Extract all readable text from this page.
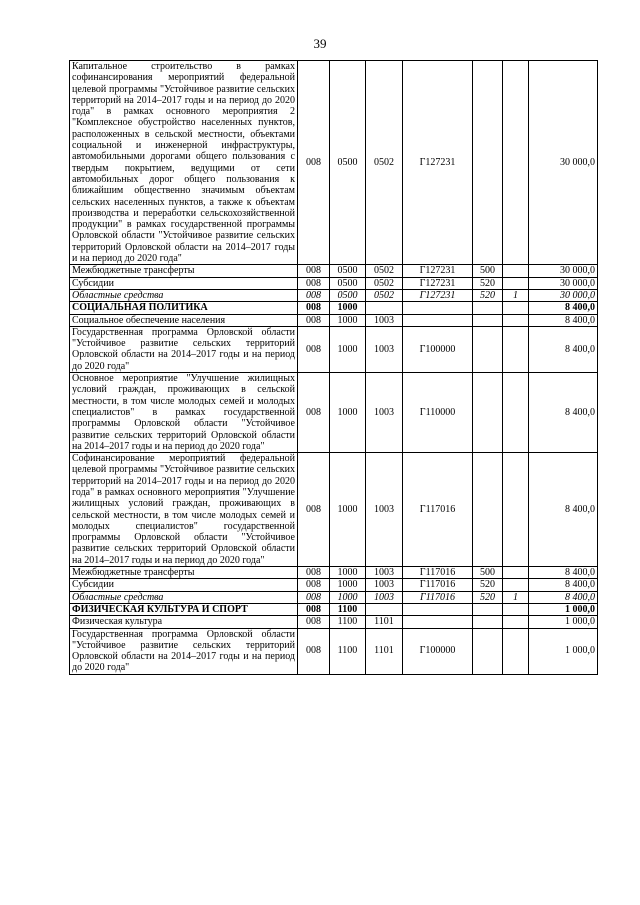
39
Капитальное строительство в рамках софинансирования мероприятий федеральной целевой программы "Устойчивое развитие сельских территорий на 2014–2017 годы и на период до 2020 года" в рамках основного мероприятия 2 "Комплексное обустройство населенных пунктов, расположенных в сельской местности, объектами социальной и инженерной инфраструктуры, автомобильными дорогами общего пользования с твердым покрытием, ведущими от сети автомобильных дорог общего пользования к ближайшим общественно значимым объектам сельских населенных пунктов, а также к объектам производства и переработки сельскохозяйственной продукции" в рамках государственной программы Орловской области "Устойчивое развитие сельских территорий Орловской области на 2014–2017 годы и на период до 2020 года"	008	0500	0502	Г127231			30 000,0
Межбюджетные трансферты	008	0500	0502	Г127231	500		30 000,0
Субсидии	008	0500	0502	Г127231	520		30 000,0
Областные средства	008	0500	0502	Г127231	520	1	30 000,0
СОЦИАЛЬНАЯ ПОЛИТИКА	008	1000					8 400,0
Социальное обеспечение населения	008	1000	1003				8 400,0
Государственная программа Орловской области "Устойчивое развитие сельских территорий Орловской области на 2014–2017 годы и на период до 2020 года"	008	1000	1003	Г100000			8 400,0
Основное мероприятие "Улучшение жилищных условий граждан, проживающих в сельской местности, в том числе молодых семей и молодых специалистов" в рамках государственной программы Орловской области "Устойчивое развитие сельских территорий Орловской области на 2014–2017 годы и на период до 2020 года"	008	1000	1003	Г110000			8 400,0
Софинансирование мероприятий федеральной целевой программы "Устойчивое развитие сельских территорий на 2014–2017 годы и на период до 2020 года" в рамках основного мероприятия "Улучшение жилищных условий граждан, проживающих в сельской местности, в том числе молодых семей и молодых специалистов" государственной программы Орловской области "Устойчивое развитие сельских территорий Орловской области на 2014–2017 годы и на период до 2020 года"	008	1000	1003	Г117016			8 400,0
Межбюджетные трансферты	008	1000	1003	Г117016	500		8 400,0
Субсидии	008	1000	1003	Г117016	520		8 400,0
Областные средства	008	1000	1003	Г117016	520	1	8 400,0
ФИЗИЧЕСКАЯ КУЛЬТУРА И СПОРТ	008	1100					1 000,0
Физическая культура	008	1100	1101				1 000,0
Государственная программа Орловской области "Устойчивое развитие сельских территорий Орловской области на 2014–2017 годы и на период до 2020 года"	008	1100	1101	Г100000			1 000,0
